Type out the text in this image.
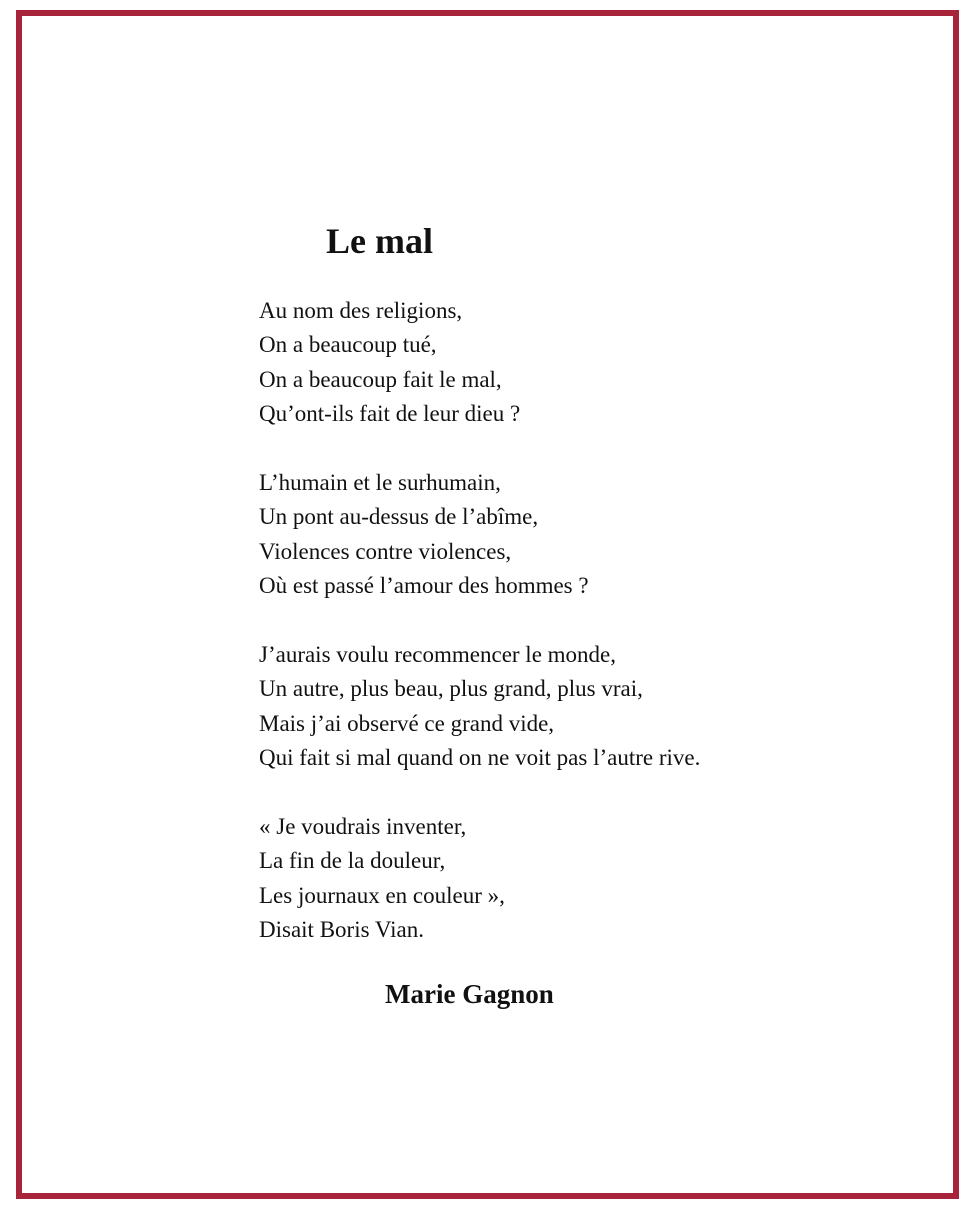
Le mal
Au nom des religions,
On a beaucoup tué,
On a beaucoup fait le mal,
Qu’ont-ils fait de leur dieu ?
L’humain et le surhumain,
Un pont au-dessus de l’abîme,
Violences contre violences,
Où est passé l’amour des hommes ?
J’aurais voulu recommencer le monde,
Un autre, plus beau, plus grand, plus vrai,
Mais j’ai observé ce grand vide,
Qui fait si mal quand on ne voit pas l’autre rive.
« Je voudrais inventer,
La fin de la douleur,
Les journaux en couleur »,
Disait Boris Vian.

Marie Gagnon
